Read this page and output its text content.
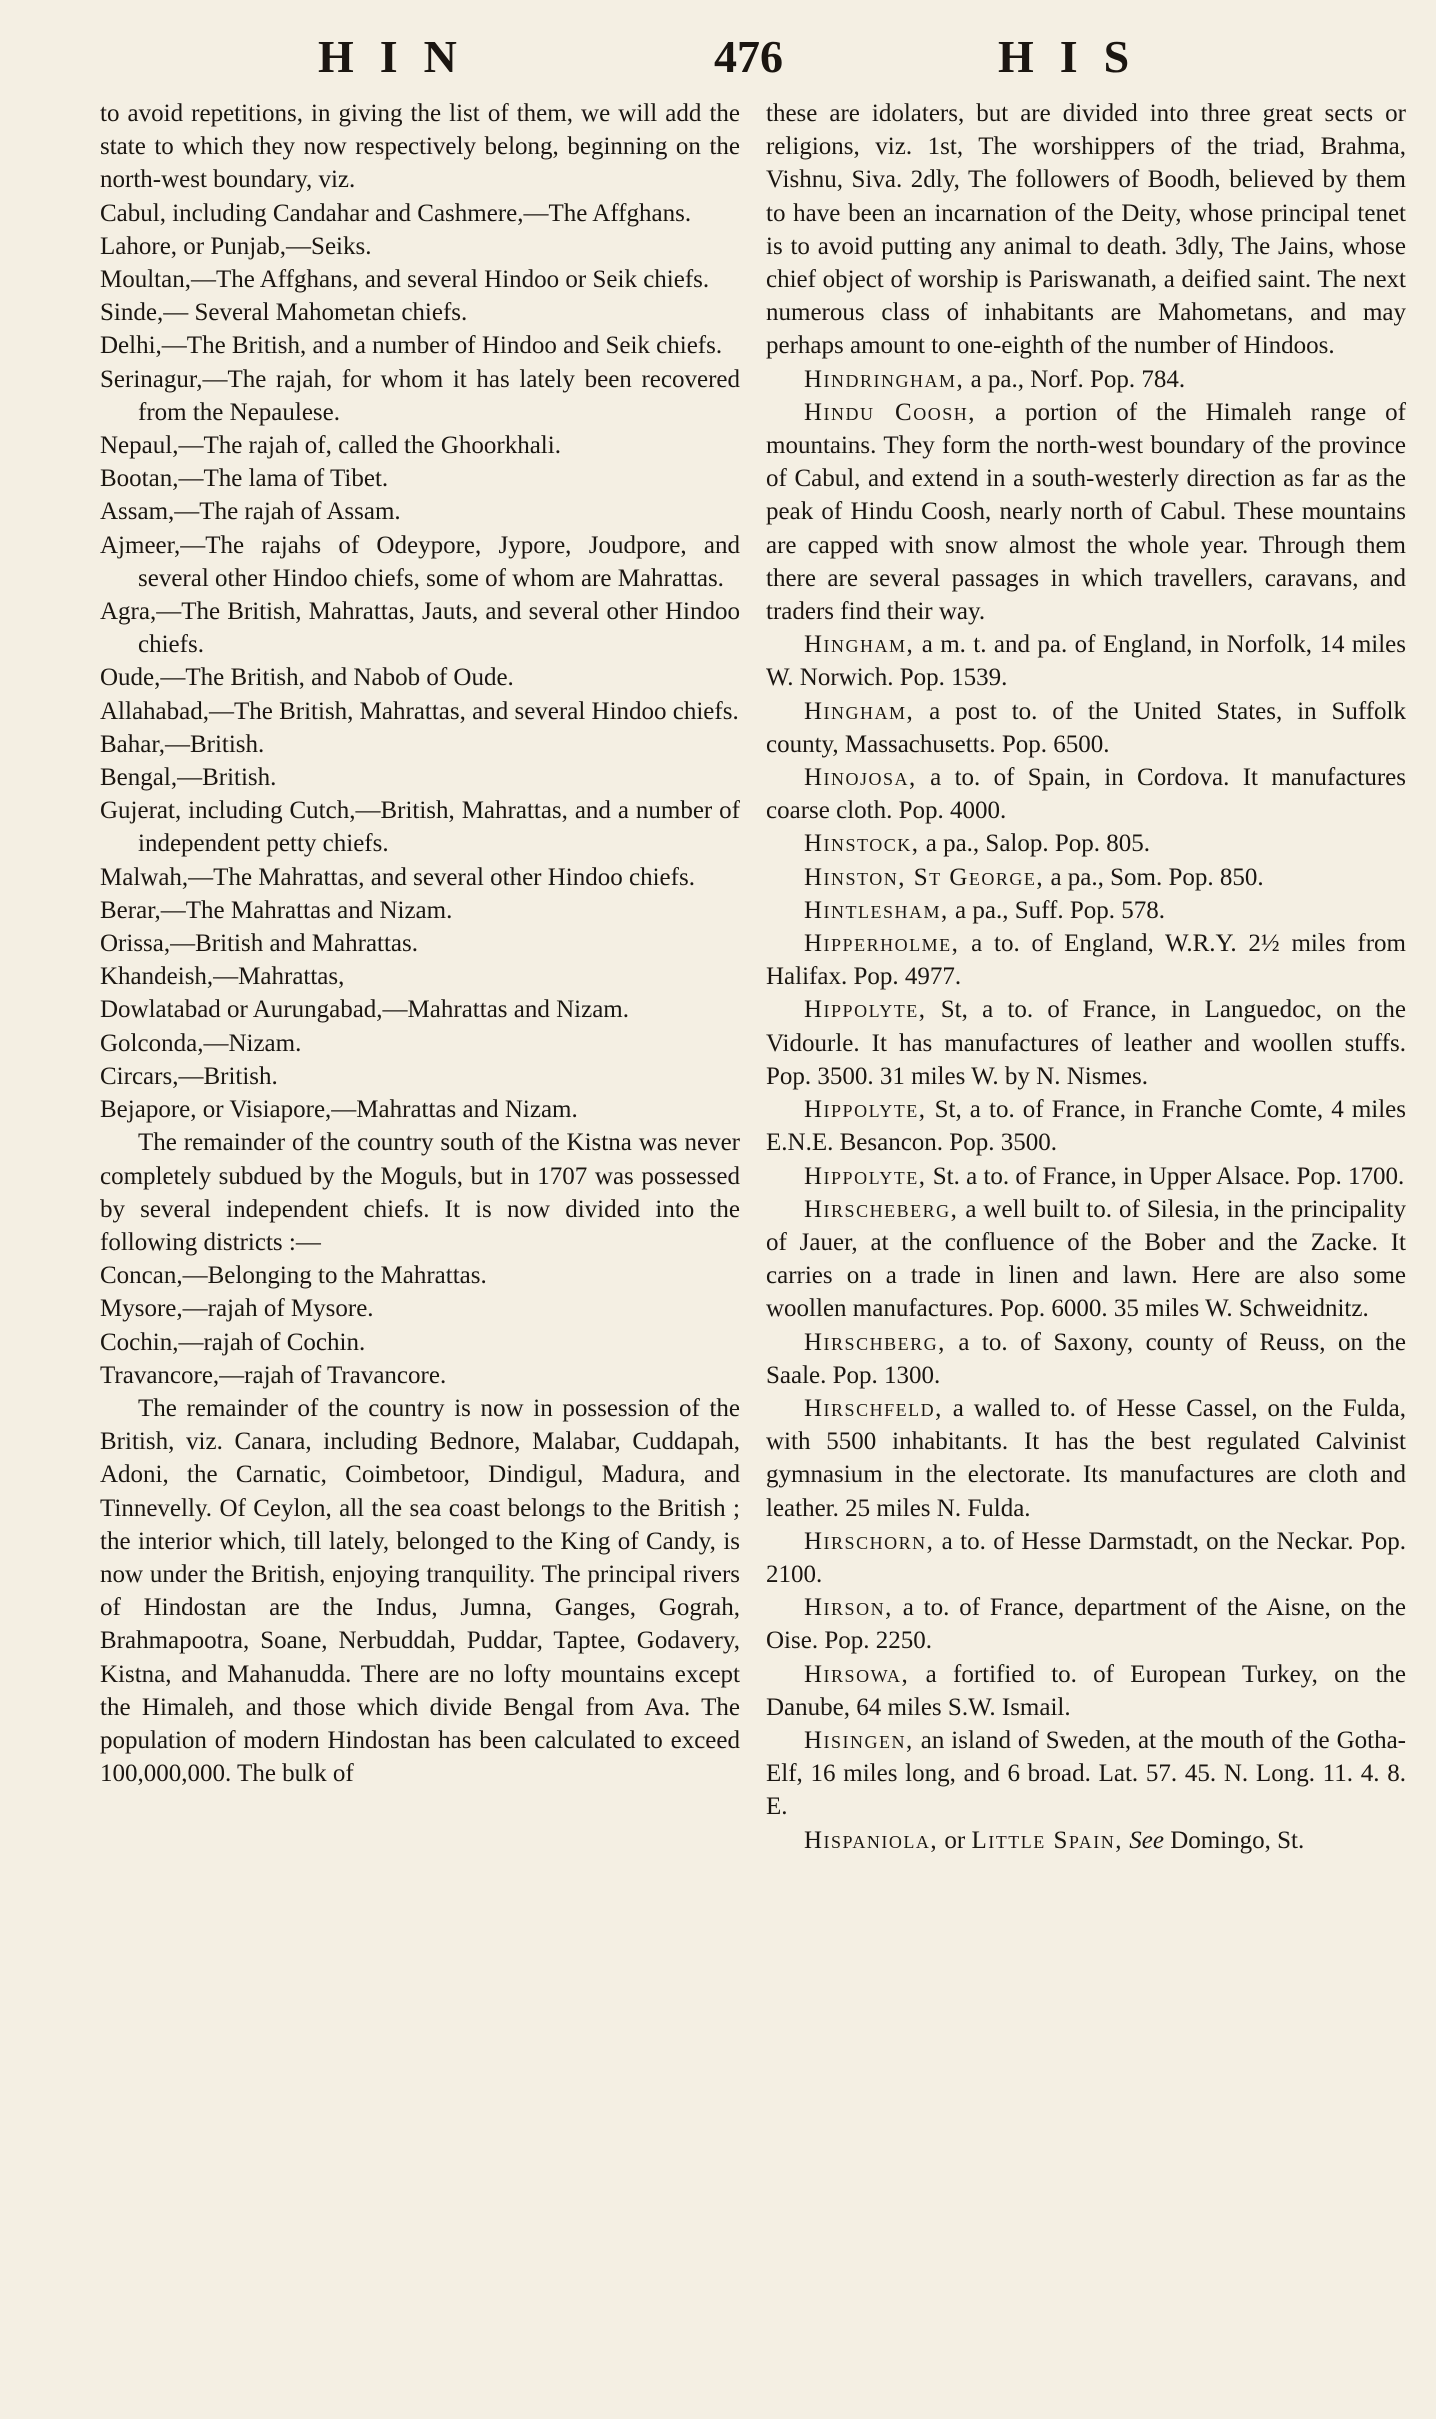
HIN	476	HIS

to avoid repetitions, in giving the list of them, we will add the state to which they now respectively belong, beginning on the north-west boundary, viz.

Cabul, including Candahar and Cashmere,—The Affghans.

Lahore, or Punjab,—Seiks.

Moultan,—The Affghans, and several Hindoo or Seik chiefs.

Sinde,— Several Mahometan chiefs.

Delhi,—The British, and a number of Hindoo and Seik chiefs.

Serinagur,—The rajah, for whom it has lately been recovered from the Nepaulese.

Nepaul,—The rajah of, called the Ghoorkhali.

Bootan,—The lama of Tibet.

Assam,—The rajah of Assam.

Ajmeer,—The rajahs of Odeypore, Jypore, Joudpore, and several other Hindoo chiefs, some of whom are Mahrattas.

Agra,—The British, Mahrattas, Jauts, and several other Hindoo chiefs.

Oude,—The British, and Nabob of Oude.

Allahabad,—The British, Mahrattas, and several Hindoo chiefs.

Bahar,—British.

Bengal,—British.

Gujerat, including Cutch,—British, Mahrattas, and a number of independent petty chiefs.

Malwah,—The Mahrattas, and several other Hindoo chiefs.

Berar,—The Mahrattas and Nizam.

Orissa,—British and Mahrattas.

Khandeish,—Mahrattas,

Dowlatabad or Aurungabad,—Mahrattas and Nizam.

Golconda,—Nizam.

Circars,—British.

Bejapore, or Visiapore,—Mahrattas and Nizam.

The remainder of the country south of the Kistna was never completely subdued by the Moguls, but in 1707 was possessed by several independent chiefs. It is now divided into the following districts :—

Concan,—Belonging to the Mahrattas.

Mysore,—rajah of Mysore.

Cochin,—rajah of Cochin.

Travancore,—rajah of Travancore.

The remainder of the country is now in possession of the British, viz. Canara, including Bednore, Malabar, Cuddapah, Adoni, the Carnatic, Coimbetoor, Dindigul, Madura, and Tinnevelly. Of Ceylon, all the sea coast belongs to the British ; the interior which, till lately, belonged to the King of Candy, is now under the British, enjoying tranquility. The principal rivers of Hindostan are the Indus, Jumna, Ganges, Gograh, Brahmapootra, Soane, Nerbuddah, Puddar, Taptee, Godavery, Kistna, and Mahanudda. There are no lofty mountains except the Himaleh, and those which divide Bengal from Ava. The population of modern Hindostan has been calculated to exceed 100,000,000. The bulk of

these are idolaters, but are divided into three great sects or religions, viz. 1st, The worshippers of the triad, Brahma, Vishnu, Siva. 2dly, The followers of Boodh, believed by them to have been an incarnation of the Deity, whose principal tenet is to avoid putting any animal to death. 3dly, The Jains, whose chief object of worship is Pariswanath, a deified saint. The next numerous class of inhabitants are Mahometans, and may perhaps amount to one-eighth of the number of Hindoos.

Hindringham, a pa., Norf. Pop. 784.

Hindu Coosh, a portion of the Himaleh range of mountains. They form the north-west boundary of the province of Cabul, and extend in a south-westerly direction as far as the peak of Hindu Coosh, nearly north of Cabul. These mountains are capped with snow almost the whole year. Through them there are several passages in which travellers, caravans, and traders find their way.

Hingham, a m. t. and pa. of England, in Norfolk, 14 miles W. Norwich. Pop. 1539.

Hingham, a post to. of the United States, in Suffolk county, Massachusetts. Pop. 6500.

Hinojosa, a to. of Spain, in Cordova. It manufactures coarse cloth. Pop. 4000.

Hinstock, a pa., Salop. Pop. 805.

Hinston, St George, a pa., Som. Pop. 850.

Hintlesham, a pa., Suff. Pop. 578.

Hipperholme, a to. of England, W.R.Y. 2½ miles from Halifax. Pop. 4977.

Hippolyte, St, a to. of France, in Languedoc, on the Vidourle. It has manufactures of leather and woollen stuffs. Pop. 3500. 31 miles W. by N. Nismes.

Hippolyte, St, a to. of France, in Franche Comte, 4 miles E.N.E. Besancon. Pop. 3500.

Hippolyte, St. a to. of France, in Upper Alsace. Pop. 1700.

Hirscheberg, a well built to. of Silesia, in the principality of Jauer, at the confluence of the Bober and the Zacke. It carries on a trade in linen and lawn. Here are also some woollen manufactures. Pop. 6000. 35 miles W. Schweidnitz.

Hirschberg, a to. of Saxony, county of Reuss, on the Saale. Pop. 1300.

Hirschfeld, a walled to. of Hesse Cassel, on the Fulda, with 5500 inhabitants. It has the best regulated Calvinist gymnasium in the electorate. Its manufactures are cloth and leather. 25 miles N. Fulda.

Hirschorn, a to. of Hesse Darmstadt, on the Neckar. Pop. 2100.

Hirson, a to. of France, department of the Aisne, on the Oise. Pop. 2250.

Hirsowa, a fortified to. of European Turkey, on the Danube, 64 miles S.W. Ismail.

Hisingen, an island of Sweden, at the mouth of the Gotha-Elf, 16 miles long, and 6 broad. Lat. 57. 45. N. Long. 11. 4. 8. E.

Hispaniola, or Little Spain, See Domingo, St.
